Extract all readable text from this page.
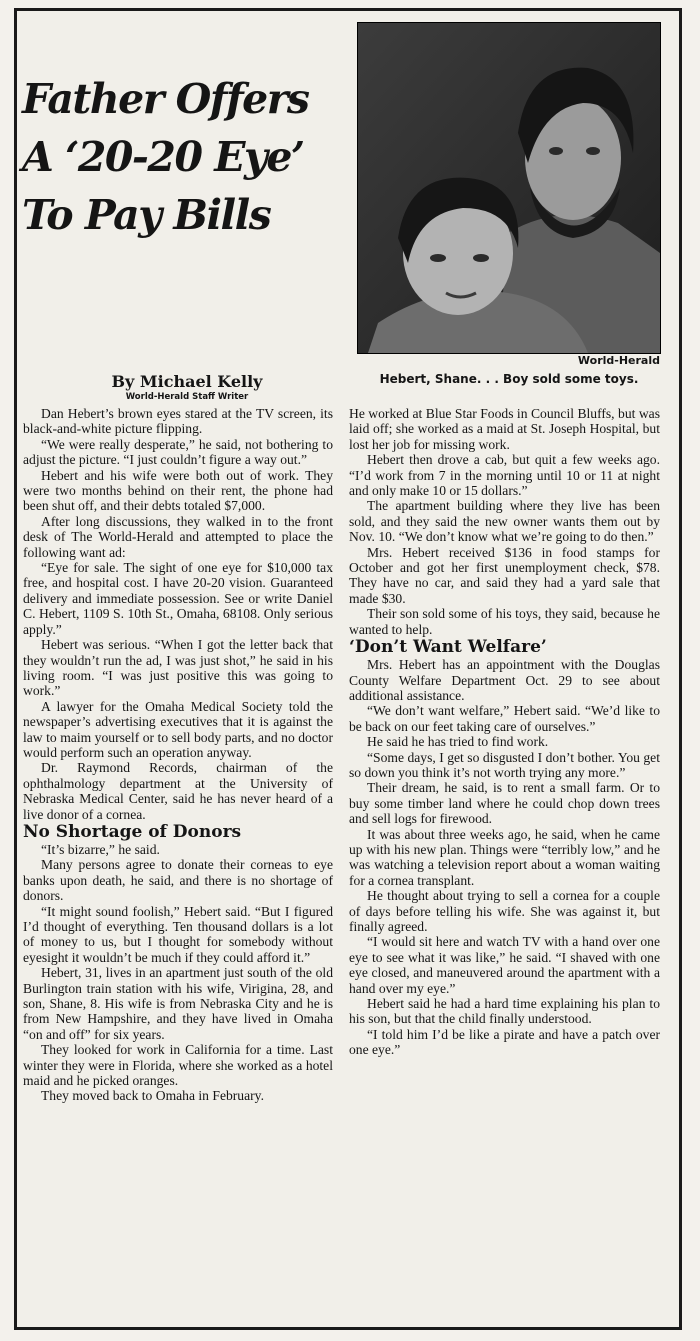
Father Offers
A ‘20-20 Eye’
To Pay Bills
World-Herald
Hebert, Shane. . . Boy sold some toys.
By Michael Kelly
World-Herald Staff Writer

Dan Hebert’s brown eyes stared at the TV screen, its black-and-white picture flipping.

“We were really desperate,” he said, not bothering to adjust the picture. “I just couldn’t figure a way out.”

Hebert and his wife were both out of work. They were two months behind on their rent, the phone had been shut off, and their debts totaled $7,000.

After long discussions, they walked in to the front desk of The World-Herald and attempted to place the following want ad:

“Eye for sale. The sight of one eye for $10,000 tax free, and hospital cost. I have 20-20 vision. Guaranteed delivery and immediate possession. See or write Daniel C. Hebert, 1109 S. 10th St., Omaha, 68108. Only serious apply.”

Hebert was serious. “When I got the letter back that they wouldn’t run the ad, I was just shot,” he said in his living room. “I was just positive this was going to work.”

A lawyer for the Omaha Medical Society told the newspaper’s advertising executives that it is against the law to maim yourself or to sell body parts, and no doctor would perform such an operation anyway.

Dr. Raymond Records, chairman of the ophthalmology department at the University of Nebraska Medical Center, said he has never heard of a live donor of a cornea.

No Shortage of Donors

“It’s bizarre,” he said.

Many persons agree to donate their corneas to eye banks upon death, he said, and there is no shortage of donors.

“It might sound foolish,” Hebert said. “But I figured I’d thought of everything. Ten thousand dollars is a lot of money to us, but I thought for somebody without eyesight it wouldn’t be much if they could afford it.”

Hebert, 31, lives in an apartment just south of the old Burlington train station with his wife, Virigina, 28, and son, Shane, 8. His wife is from Nebraska City and he is from New Hampshire, and they have lived in Omaha “on and off” for six years.

They looked for work in California for a time. Last winter they were in Florida, where she worked as a hotel maid and he picked oranges.

They moved back to Omaha in February.

He worked at Blue Star Foods in Council Bluffs, but was laid off; she worked as a maid at St. Joseph Hospital, but lost her job for missing work.

Hebert then drove a cab, but quit a few weeks ago. “I’d work from 7 in the morning until 10 or 11 at night and only make 10 or 15 dollars.”

The apartment building where they live has been sold, and they said the new owner wants them out by Nov. 10. “We don’t know what we’re going to do then.”

Mrs. Hebert received $136 in food stamps for October and got her first unemployment check, $78. They have no car, and said they had a yard sale that made $30.

Their son sold some of his toys, they said, because he wanted to help.

‘Don’t Want Welfare’

Mrs. Hebert has an appointment with the Douglas County Welfare Department Oct. 29 to see about additional assistance.

“We don’t want welfare,” Hebert said. “We’d like to be back on our feet taking care of ourselves.”

He said he has tried to find work.

“Some days, I get so disgusted I don’t bother. You get so down you think it’s not worth trying any more.”

Their dream, he said, is to rent a small farm. Or to buy some timber land where he could chop down trees and sell logs for firewood.

It was about three weeks ago, he said, when he came up with his new plan. Things were “terribly low,” and he was watching a television report about a woman waiting for a cornea transplant.

He thought about trying to sell a cornea for a couple of days before telling his wife. She was against it, but finally agreed.

“I would sit here and watch TV with a hand over one eye to see what it was like,” he said. “I shaved with one eye closed, and maneuvered around the apartment with a hand over my eye.”

Hebert said he had a hard time explaining his plan to his son, but that the child finally understood.

“I told him I’d be like a pirate and have a patch over one eye.”
